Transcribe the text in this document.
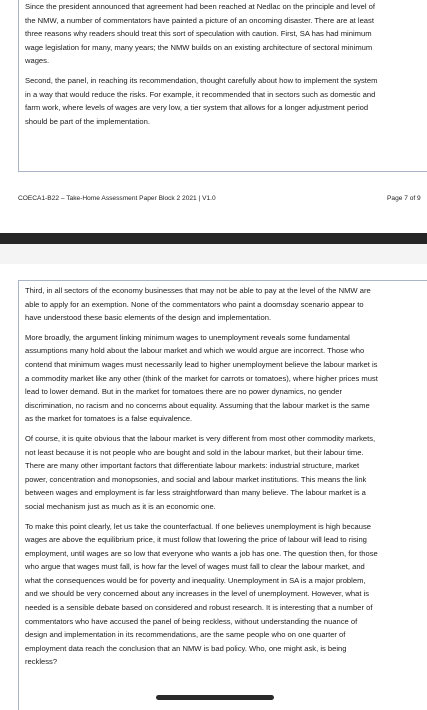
Since the president announced that agreement had been reached at Nedlac on the principle and level of
the NMW, a number of commentators have painted a picture of an oncoming disaster. There are at least
three reasons why readers should treat this sort of speculation with caution. First, SA has had minimum
wage legislation for many, many years; the NMW builds on an existing architecture of sectoral minimum
wages.

Second, the panel, in reaching its recommendation, thought carefully about how to implement the system
in a way that would reduce the risks. For example, it recommended that in sectors such as domestic and
farm work, where levels of wages are very low, a tier system that allows for a longer adjustment period
should be part of the implementation.

COECA1-B22 – Take-Home Assessment Paper Block 2 2021 | V1.0	Page 7 of 9

Third, in all sectors of the economy businesses that may not be able to pay at the level of the NMW are
able to apply for an exemption. None of the commentators who paint a doomsday scenario appear to
have understood these basic elements of the design and implementation.

More broadly, the argument linking minimum wages to unemployment reveals some fundamental
assumptions many hold about the labour market and which we would argue are incorrect. Those who
contend that minimum wages must necessarily lead to higher unemployment believe the labour market is
a commodity market like any other (think of the market for carrots or tomatoes), where higher prices must
lead to lower demand. But in the market for tomatoes there are no power dynamics, no gender
discrimination, no racism and no concerns about equality. Assuming that the labour market is the same
as the market for tomatoes is a false equivalence.

Of course, it is quite obvious that the labour market is very different from most other commodity markets,
not least because it is not people who are bought and sold in the labour market, but their labour time.
There are many other important factors that differentiate labour markets: industrial structure, market
power, concentration and monopsonies, and social and labour market institutions. This means the link
between wages and employment is far less straightforward than many believe. The labour market is a
social mechanism just as much as it is an economic one.

To make this point clearly, let us take the counterfactual. If one believes unemployment is high because
wages are above the equilibrium price, it must follow that lowering the price of labour will lead to rising
employment, until wages are so low that everyone who wants a job has one. The question then, for those
who argue that wages must fall, is how far the level of wages must fall to clear the labour market, and
what the consequences would be for poverty and inequality. Unemployment in SA is a major problem,
and we should be very concerned about any increases in the level of unemployment. However, what is
needed is a sensible debate based on considered and robust research. It is interesting that a number of
commentators who have accused the panel of being reckless, without understanding the nuance of
design and implementation in its recommendations, are the same people who on one quarter of
employment data reach the conclusion that an NMW is bad policy. Who, one might ask, is being
reckless?
